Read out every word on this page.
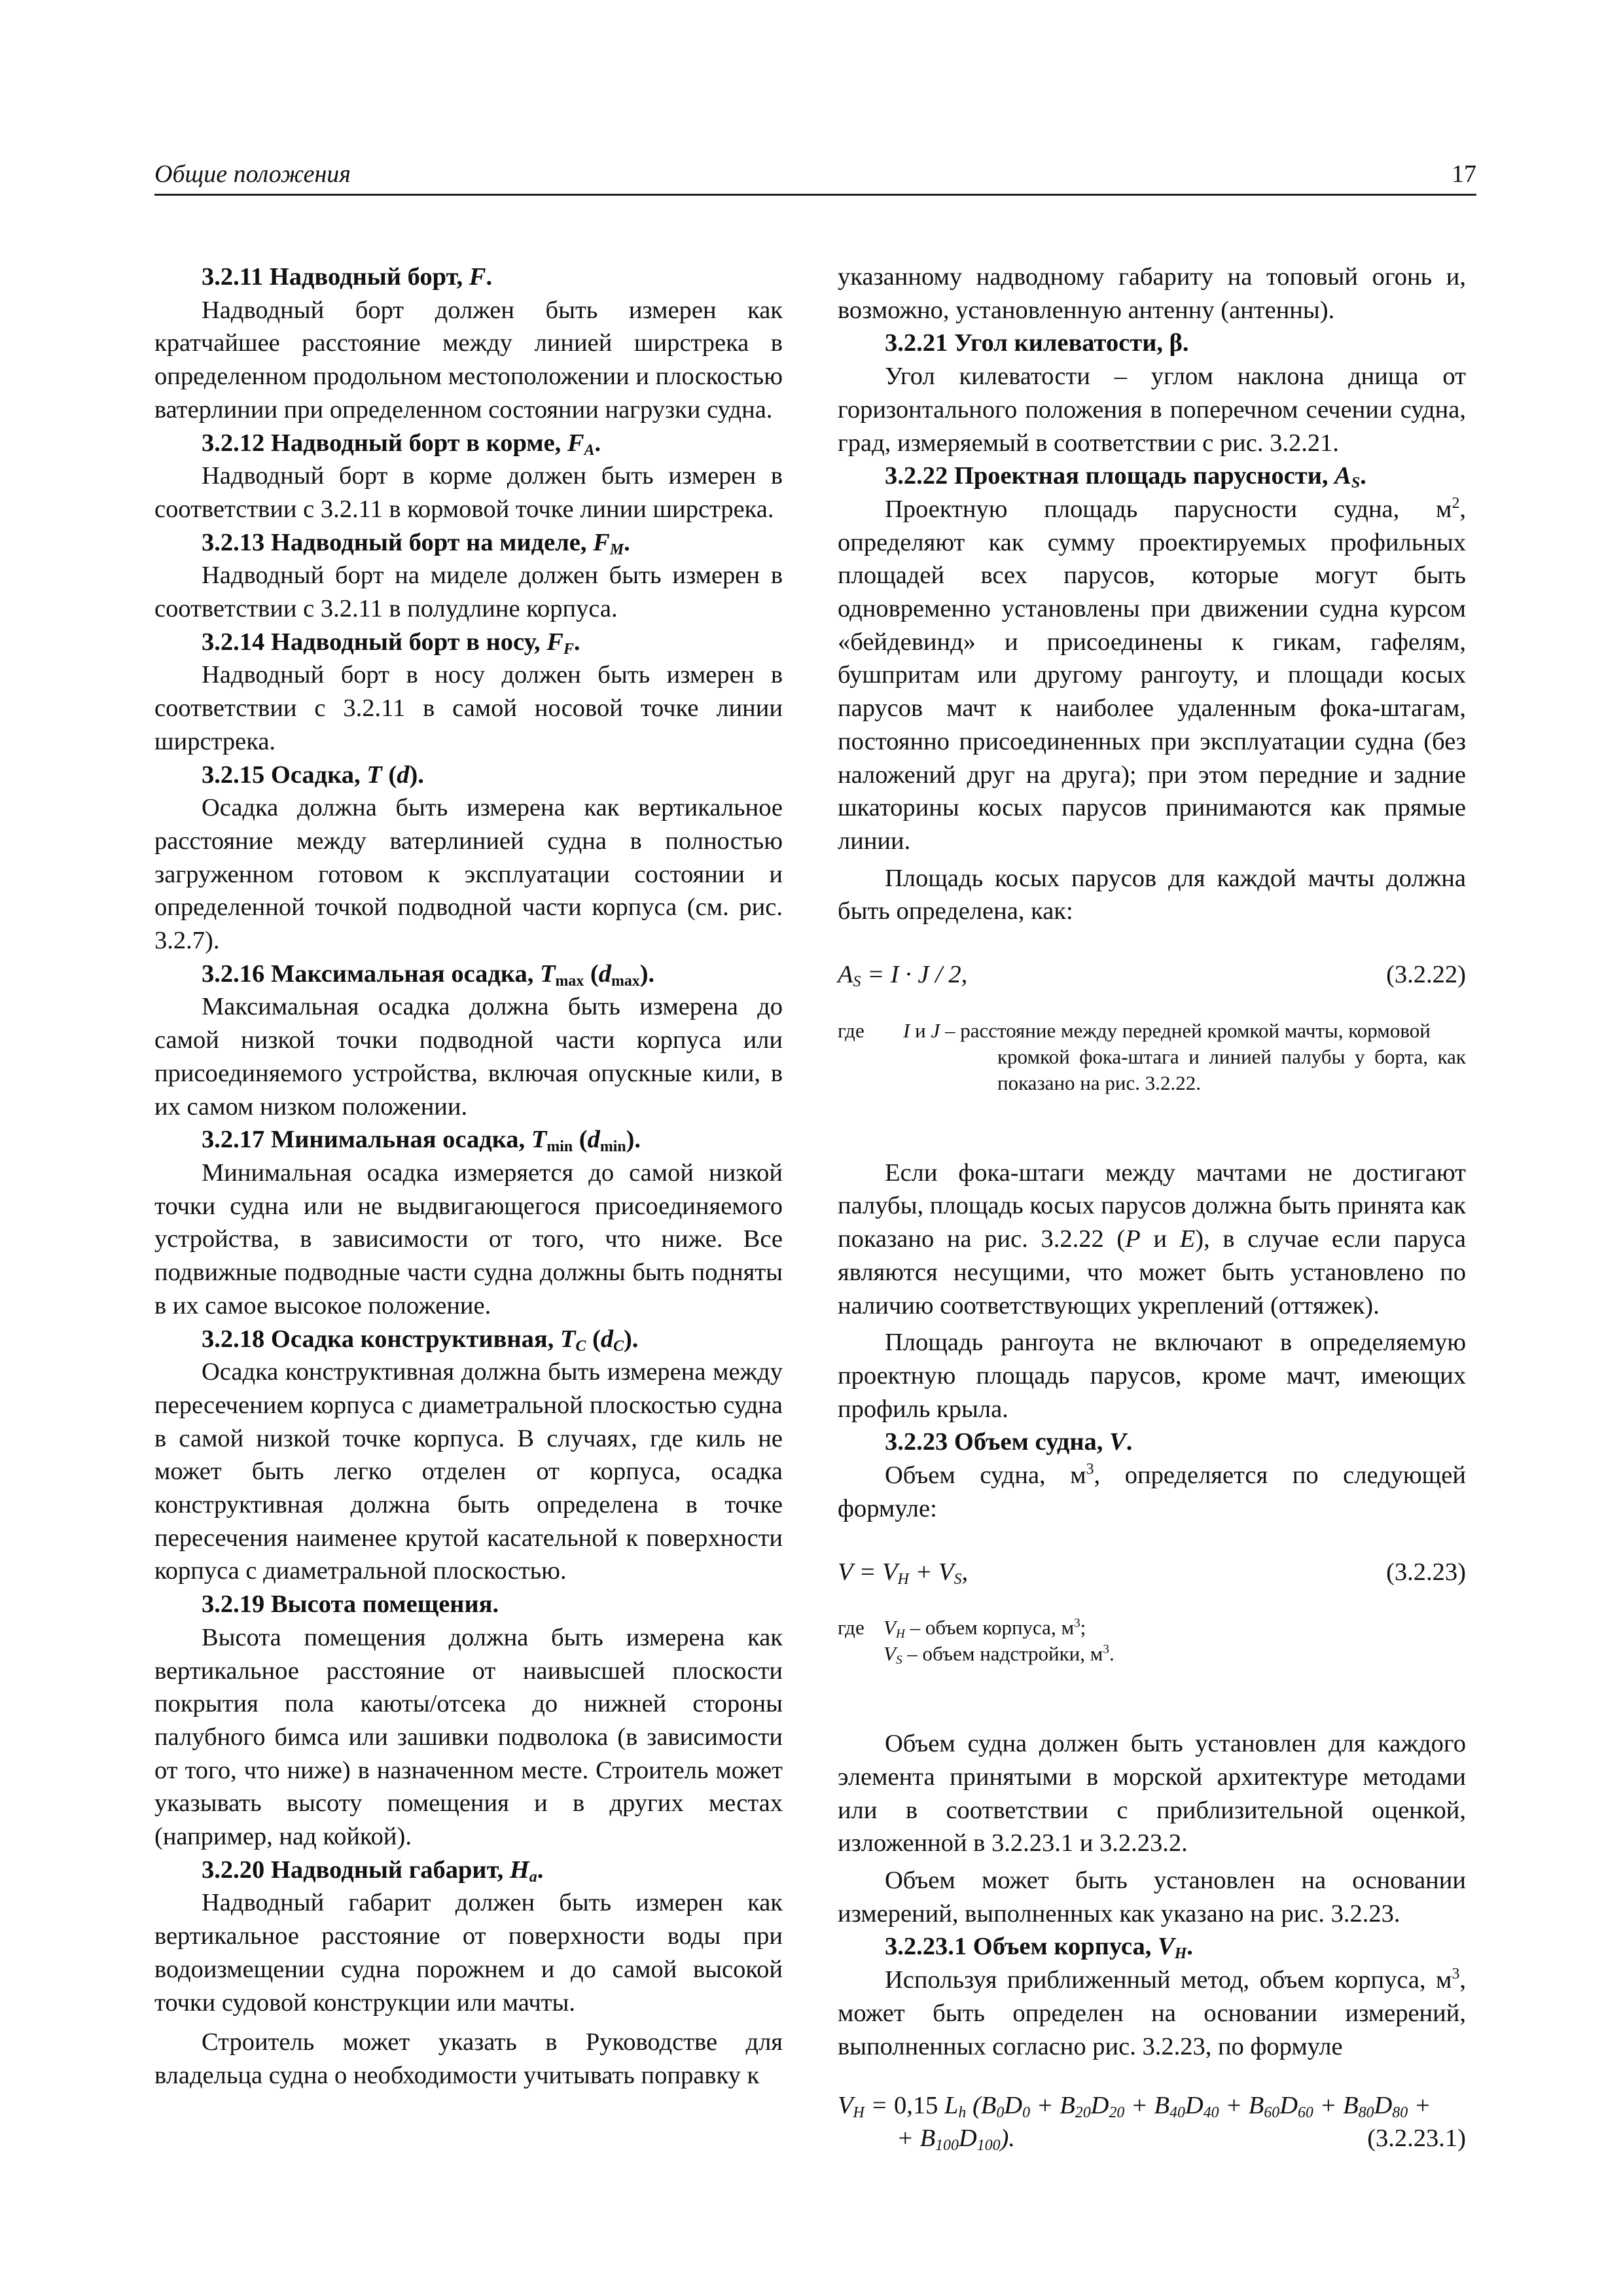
Общие положения	17

3.2.11 Надводный борт, F.

Надводный борт должен быть измерен как кратчайшее расстояние между линией ширстрека в определенном продольном местоположении и плоскостью ватерлинии при определенном состоянии нагрузки судна.

3.2.12 Надводный борт в корме, $F_A$.

Надводный борт в корме должен быть измерен в соответствии с 3.2.11 в кормовой точке линии ширстрека.

3.2.13 Надводный борт на миделе, $F_M$.

Надводный борт на миделе должен быть измерен в соответствии с 3.2.11 в полудлине корпуса.

3.2.14 Надводный борт в носу, $F_F$.

Надводный борт в носу должен быть измерен в соответствии с 3.2.11 в самой носовой точке линии ширстрека.

3.2.15 Осадка, T (d).

Осадка должна быть измерена как вертикальное расстояние между ватерлинией судна в полностью загруженном готовом к эксплуатации состоянии и определенной точкой подводной части корпуса (см. рис. 3.2.7).

3.2.16 Максимальная осадка, $T_{max}$ $(d_{max})$.

Максимальная осадка должна быть измерена до самой низкой точки подводной части корпуса или присоединяемого устройства, включая опускные кили, в их самом низком положении.

3.2.17 Минимальная осадка, $T_{min}$ $(d_{min})$.

Минимальная осадка измеряется до самой низкой точки судна или не выдвигающегося присоединяемого устройства, в зависимости от того, что ниже. Все подвижные подводные части судна должны быть подняты в их самое высокое положение.

3.2.18 Осадка конструктивная, $T_C$ $(d_C)$.

Осадка конструктивная должна быть измерена между пересечением корпуса с диаметральной плоскостью судна в самой низкой точке корпуса. В случаях, где киль не может быть легко отделен от корпуса, осадка конструктивная должна быть определена в точке пересечения наименее крутой касательной к поверхности корпуса с диаметральной плоскостью.

3.2.19 Высота помещения.

Высота помещения должна быть измерена как вертикальное расстояние от наивысшей плоскости покрытия пола каюты/отсека до нижней стороны палубного бимса или зашивки подволока (в зависимости от того, что ниже) в назначенном месте. Строитель может указывать высоту помещения и в других местах (например, над койкой).

3.2.20 Надводный габарит, $H_a$.

Надводный габарит должен быть измерен как вертикальное расстояние от поверхности воды при водоизмещении судна порожнем и до самой высокой точки судовой конструкции или мачты.

Строитель может указать в Руководстве для владельца судна о необходимости учитывать поправку к

указанному надводному габариту на топовый огонь и, возможно, установленную антенну (антенны).

3.2.21 Угол килеватости, β.

Угол килеватости – углом наклона днища от горизонтального положения в поперечном сечении судна, град, измеряемый в соответствии с рис. 3.2.21.

3.2.22 Проектная площадь парусности, $A_S$.

Проектную площадь парусности судна, $м^2$, определяют как сумму проектируемых профильных площадей всех парусов, которые могут быть одновременно установлены при движении судна курсом «бейдевинд» и присоединены к гикам, гафелям, бушпритам или другому рангоуту, и площади косых парусов мачт к наиболее удаленным фока-штагам, постоянно присоединенных при эксплуатации судна (без наложений друг на друга); при этом передние и задние шкаторины косых парусов принимаются как прямые линии.

Площадь косых парусов для каждой мачты должна быть определена, как:

$A_S = I \cdot J / 2$,	(3.2.22)
где	I и J – расстояние между передней кромкой мачты, кормовой
кромкой фока-штага и линией палубы у борта, как показано на рис. 3.2.22.

Если фока-штаги между мачтами не достигают палубы, площадь косых парусов должна быть принята как показано на рис. 3.2.22 (P и E), в случае если паруса являются несущими, что может быть установлено по наличию соответствующих укреплений (оттяжек).

Площадь рангоута не включают в определяемую проектную площадь парусов, кроме мачт, имеющих профиль крыла.

3.2.23 Объем судна, V.

Объем судна, $м^3$, определяется по следующей формуле:

$V = V_H + V_S$,	(3.2.23)
где $V_H$ – объем корпуса, $м^3$;
$V_S$ – объем надстройки, $м^3$.

Объем судна должен быть установлен для каждого элемента принятыми в морской архитектуре методами или в соответствии с приблизительной оценкой, изложенной в 3.2.23.1 и 3.2.23.2.

Объем может быть установлен на основании измерений, выполненных как указано на рис. 3.2.23.

3.2.23.1 Объем корпуса, $V_H$.

Используя приближенный метод, объем корпуса, $м^3$, может быть определен на основании измерений, выполненных согласно рис. 3.2.23, по формуле

$V_H = 0,15$ $L_h$ ($B_0D_0 + B_{20}D_{20} + B_{40}D_{40} + B_{60}D_{60} + B_{80}D_{80}$ +
+ $B_{100}D_{100}$).	(3.2.23.1)
